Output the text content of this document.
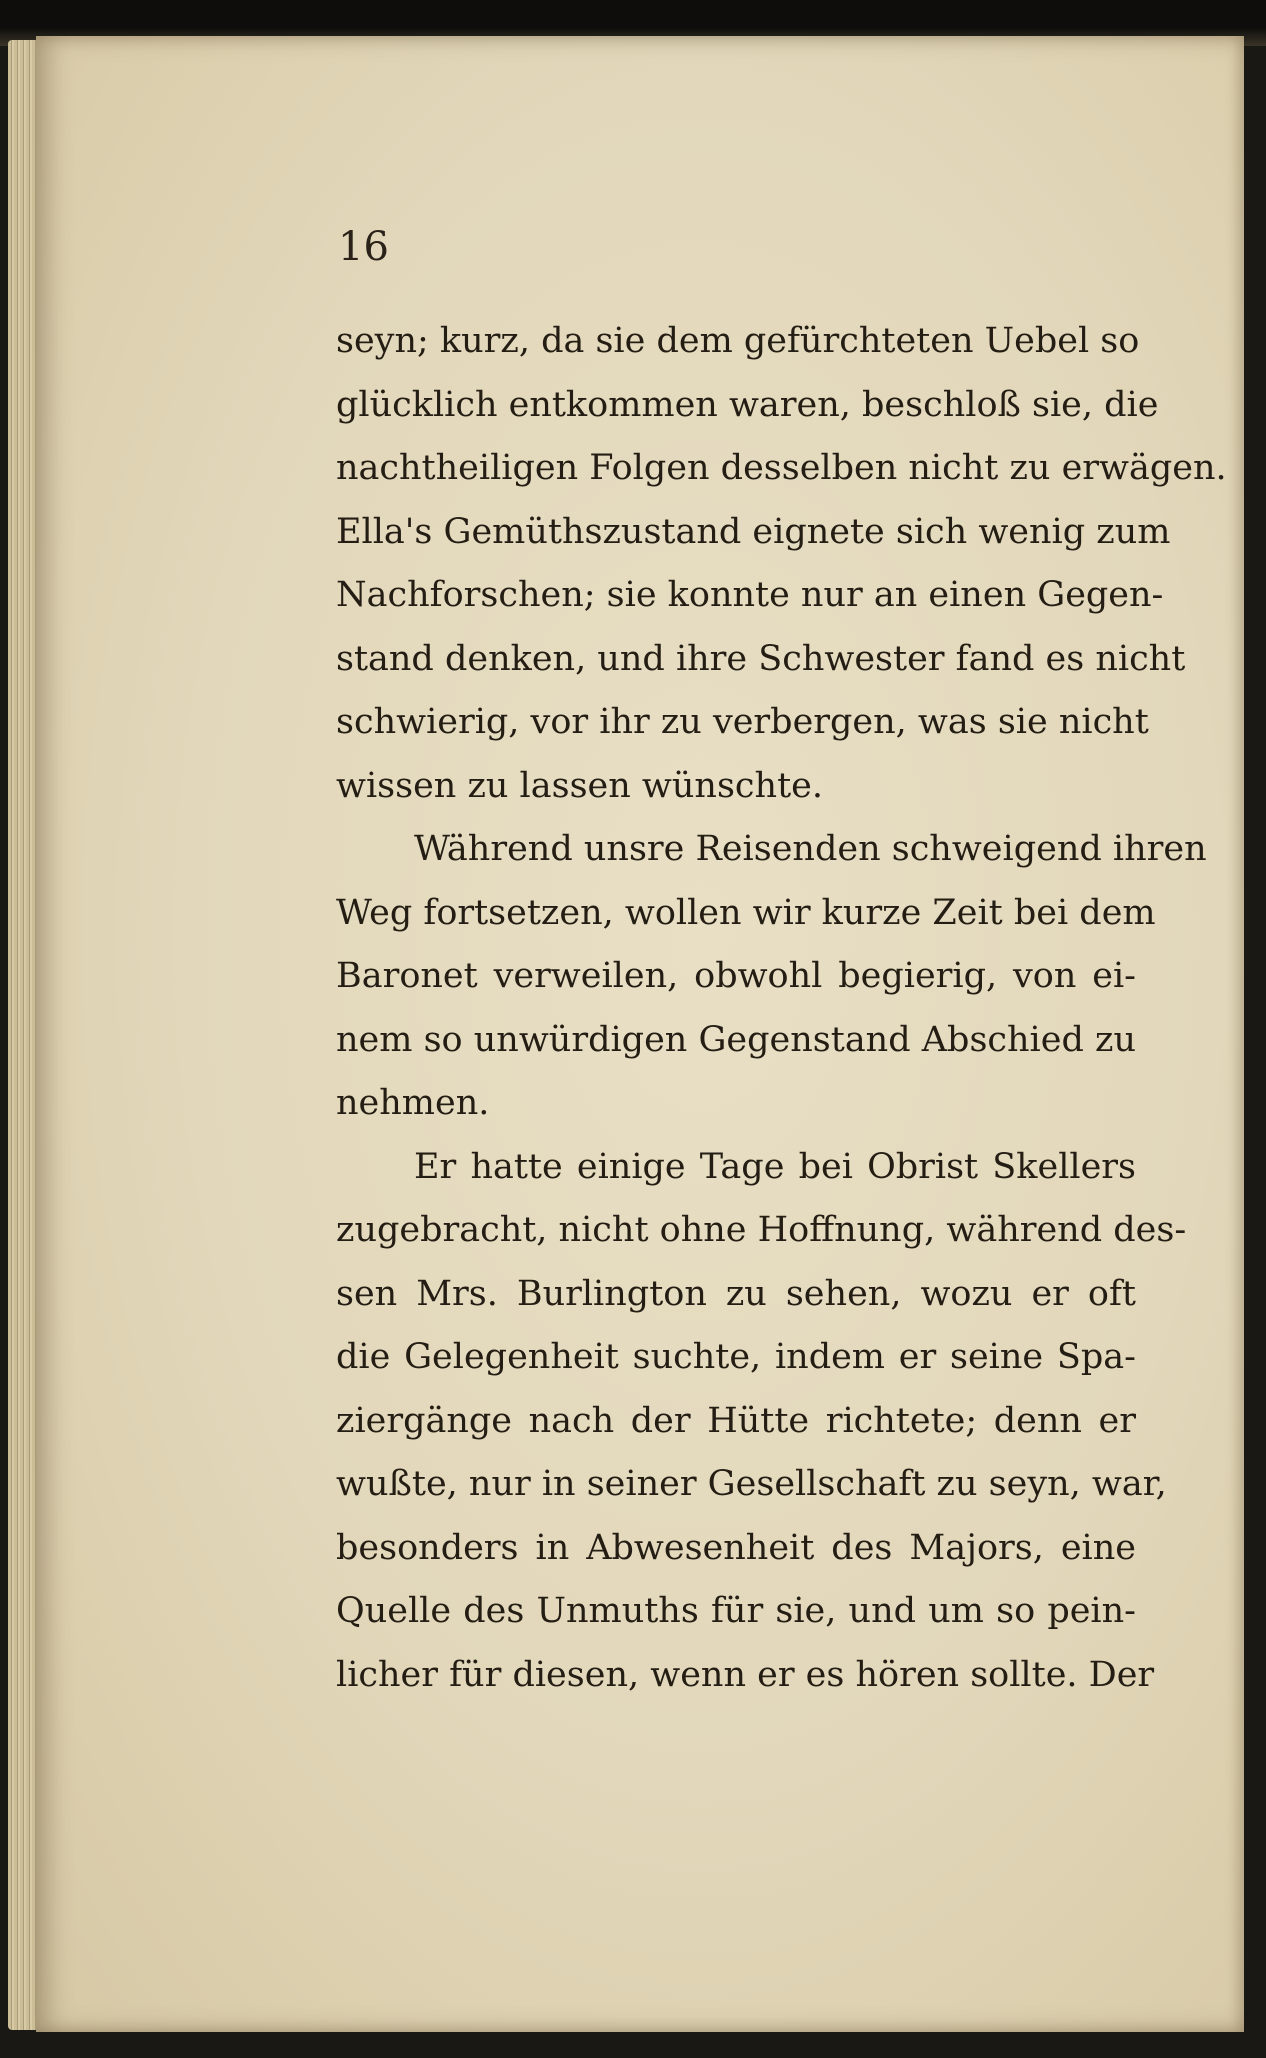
16
seyn; kurz, da sie dem gefürchteten Uebel so
glücklich entkommen waren, beschloß sie, die
nachtheiligen Folgen desselben nicht zu erwägen.
Ella's Gemüthszustand eignete sich wenig zum
Nachforschen; sie konnte nur an einen Gegen-
stand denken, und ihre Schwester fand es nicht
schwierig, vor ihr zu verbergen, was sie nicht
wissen zu lassen wünschte.
Während unsre Reisenden schweigend ihren
Weg fortsetzen, wollen wir kurze Zeit bei dem
Baronet verweilen, obwohl begierig, von ei-
nem so unwürdigen Gegenstand Abschied zu
nehmen.
Er hatte einige Tage bei Obrist Skellers
zugebracht, nicht ohne Hoffnung, während des-
sen Mrs. Burlington zu sehen, wozu er oft
die Gelegenheit suchte, indem er seine Spa-
ziergänge nach der Hütte richtete; denn er
wußte, nur in seiner Gesellschaft zu seyn, war,
besonders in Abwesenheit des Majors, eine
Quelle des Unmuths für sie, und um so pein-
licher für diesen, wenn er es hören sollte. Der
